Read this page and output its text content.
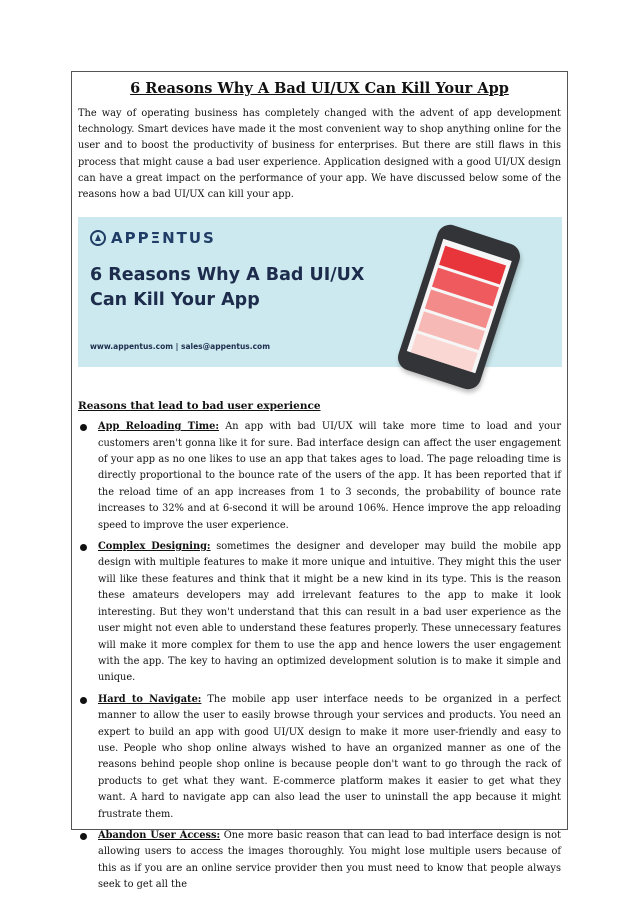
6 Reasons Why A Bad UI/UX Can Kill Your App

The way of operating business has completely changed with the advent of app development technology. Smart devices have made it the most convenient way to shop anything online for the user and to boost the productivity of business for enterprises. But there are still flaws in this process that might cause a bad user experience. Application designed with a good UI/UX design can have a great impact on the performance of your app. We have discussed below some of the reasons how a bad UI/UX can kill your app.

APPΞNTUS
6 Reasons Why A Bad UI/UX
Can Kill Your App
www.appentus.com | sales@appentus.com
Reasons that lead to bad user experience

App Reloading Time: An app with bad UI/UX will take more time to load and your customers aren't gonna like it for sure. Bad interface design can affect the user engagement of your app as no one likes to use an app that takes ages to load. The page reloading time is directly proportional to the bounce rate of the users of the app. It has been reported that if the reload time of an app increases from 1 to 3 seconds, the probability of bounce rate increases to 32% and at 6-second it will be around 106%. Hence improve the app reloading speed to improve the user experience.

Complex Designing: sometimes the designer and developer may build the mobile app design with multiple features to make it more unique and intuitive. They might this the user will like these features and think that it might be a new kind in its type. This is the reason these amateurs developers may add irrelevant features to the app to make it look interesting. But they won't understand that this can result in a bad user experience as the user might not even able to understand these features properly. These unnecessary features will make it more complex for them to use the app and hence lowers the user engagement with the app. The key to having an optimized development solution is to make it simple and unique.

Hard to Navigate: The mobile app user interface needs to be organized in a perfect manner to allow the user to easily browse through your services and products. You need an expert to build an app with good UI/UX design to make it more user-friendly and easy to use. People who shop online always wished to have an organized manner as one of the reasons behind people shop online is because people don't want to go through the rack of products to get what they want. E-commerce platform makes it easier to get what they want. A hard to navigate app can also lead the user to uninstall the app because it might frustrate them.

Abandon User Access: One more basic reason that can lead to bad interface design is not allowing users to access the images thoroughly. You might lose multiple users because of this as if you are an online service provider then you must need to know that people always seek to get all the
